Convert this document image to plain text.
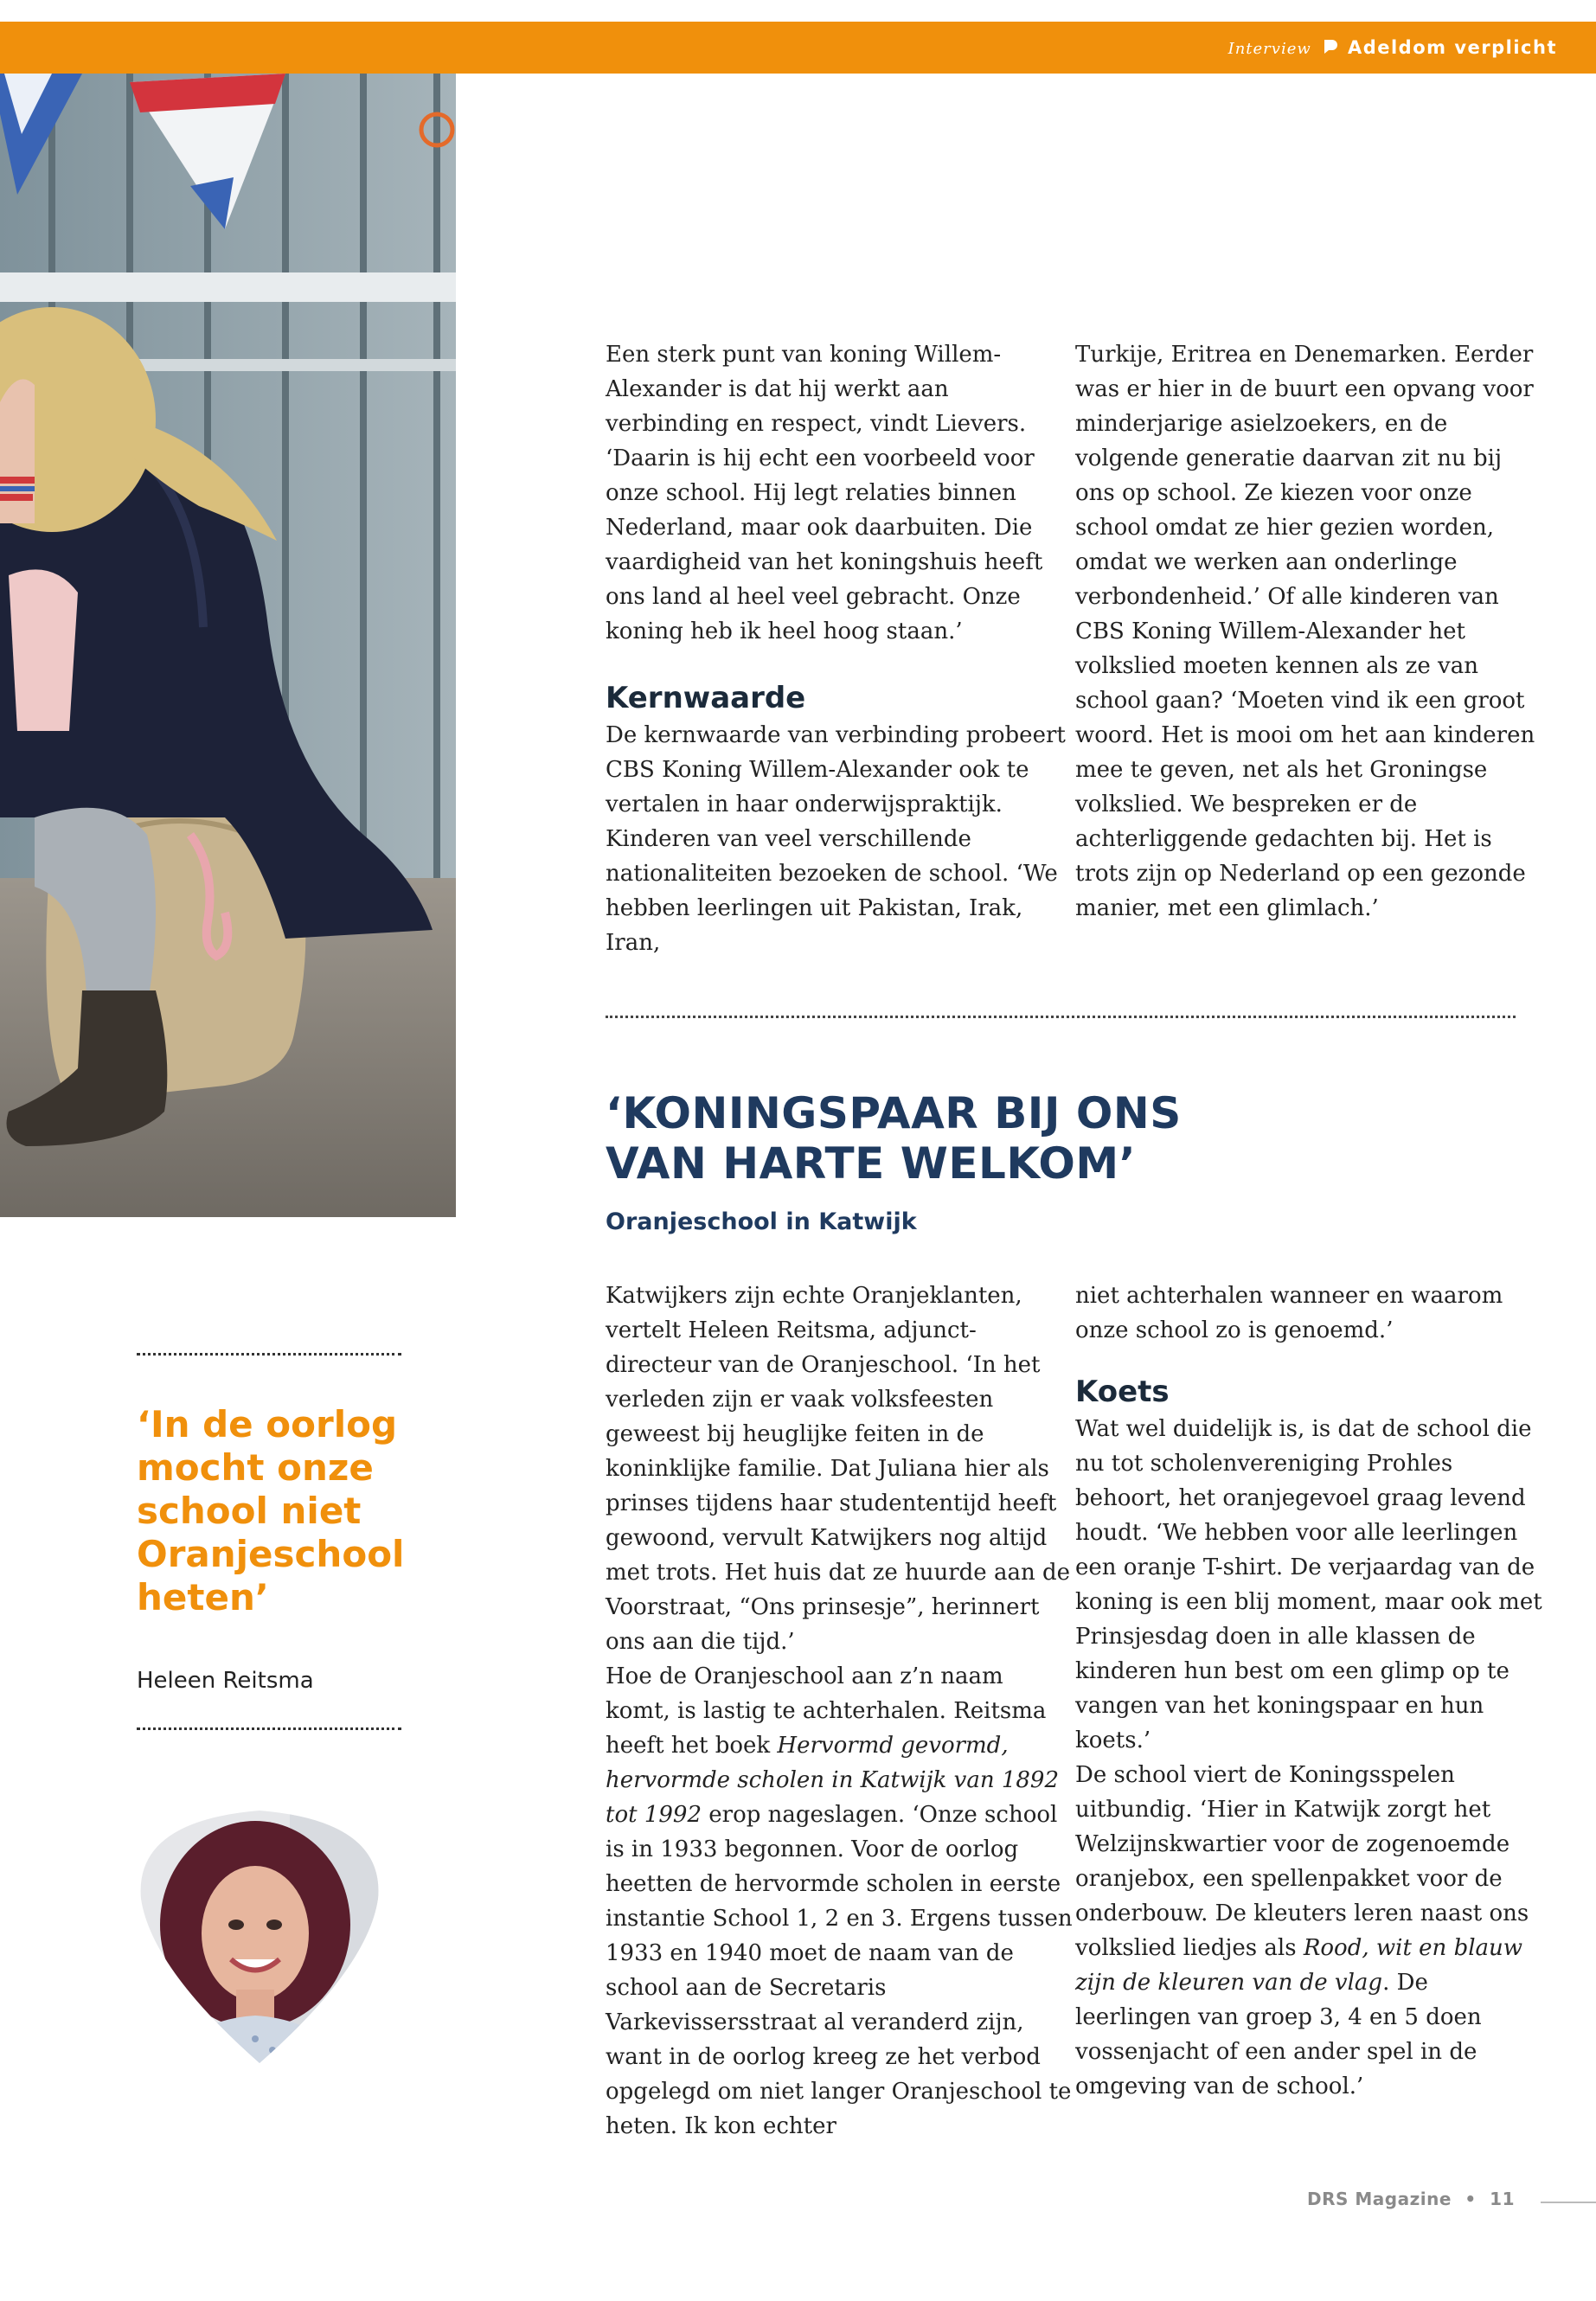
Interview Adeldom verplicht

Een sterk punt van koning Willem-Alexander is dat hij werkt aan verbinding en respect, vindt Lievers. ‘Daarin is hij echt een voorbeeld voor onze school. Hij legt relaties binnen Nederland, maar ook daarbuiten. Die vaardigheid van het koningshuis heeft ons land al heel veel gebracht. Onze koning heb ik heel hoog staan.’

Kernwaarde

De kernwaarde van verbinding probeert CBS Koning Willem-Alexander ook te vertalen in haar onderwijspraktijk. Kinderen van veel verschillende nationaliteiten bezoeken de school. ‘We hebben leerlingen uit Pakistan, Irak, Iran,

Turkije, Eritrea en Denemarken. Eerder was er hier in de buurt een opvang voor minderjarige asielzoekers, en de volgende generatie daarvan zit nu bij ons op school. Ze kiezen voor onze school omdat ze hier gezien worden, omdat we werken aan onderlinge verbondenheid.’ Of alle kinderen van CBS Koning Willem-Alexander het volkslied moeten kennen als ze van school gaan? ‘Moeten vind ik een groot woord. Het is mooi om het aan kinderen mee te geven, net als het Groningse volkslied. We bespreken er de achterliggende gedachten bij. Het is trots zijn op Nederland op een gezonde manier, met een glimlach.’

‘KONINGSPAAR BIJ ONS
VAN HARTE WELKOM’
Oranjeschool in Katwijk

Katwijkers zijn echte Oranjeklanten, vertelt Heleen Reitsma, adjunct-directeur van de Oranjeschool. ‘In het verleden zijn er vaak volksfeesten geweest bij heuglijke feiten in de koninklijke familie. Dat Juliana hier als prinses tijdens haar studententijd heeft gewoond, vervult Katwijkers nog altijd met trots. Het huis dat ze huurde aan de Voorstraat, “Ons prinsesje”, herinnert ons aan die tijd.’

Hoe de Oranjeschool aan z’n naam komt, is lastig te achterhalen. Reitsma heeft het boek Hervormd gevormd, hervormde scholen in Katwijk van 1892 tot 1992 erop nageslagen. ‘Onze school is in 1933 begonnen. Voor de oorlog heetten de hervormde scholen in eerste instantie School 1, 2 en 3. Ergens tussen 1933 en 1940 moet de naam van de school aan de Secretaris Varkevissersstraat al veranderd zijn, want in de oorlog kreeg ze het verbod opgelegd om niet langer Oranjeschool te heten. Ik kon echter

niet achterhalen wanneer en waarom onze school zo is genoemd.’

Koets

Wat wel duidelijk is, is dat de school die nu tot scholenvereniging Prohles behoort, het oranjegevoel graag levend houdt. ‘We hebben voor alle leerlingen een oranje T-shirt. De verjaardag van de koning is een blij moment, maar ook met Prinsjesdag doen in alle klassen de kinderen hun best om een glimp op te vangen van het koningspaar en hun koets.’

De school viert de Koningsspelen uitbundig. ‘Hier in Katwijk zorgt het Welzijnskwartier voor de zogenoemde oranjebox, een spellenpakket voor de onderbouw. De kleuters leren naast ons volkslied liedjes als Rood, wit en blauw zijn de kleuren van de vlag. De leerlingen van groep 3, 4 en 5 doen vossenjacht of een ander spel in de omgeving van de school.’

‘In de oorlog mocht onze school niet Oranjeschool heten’
Heleen Reitsma
DRS Magazine • 11
